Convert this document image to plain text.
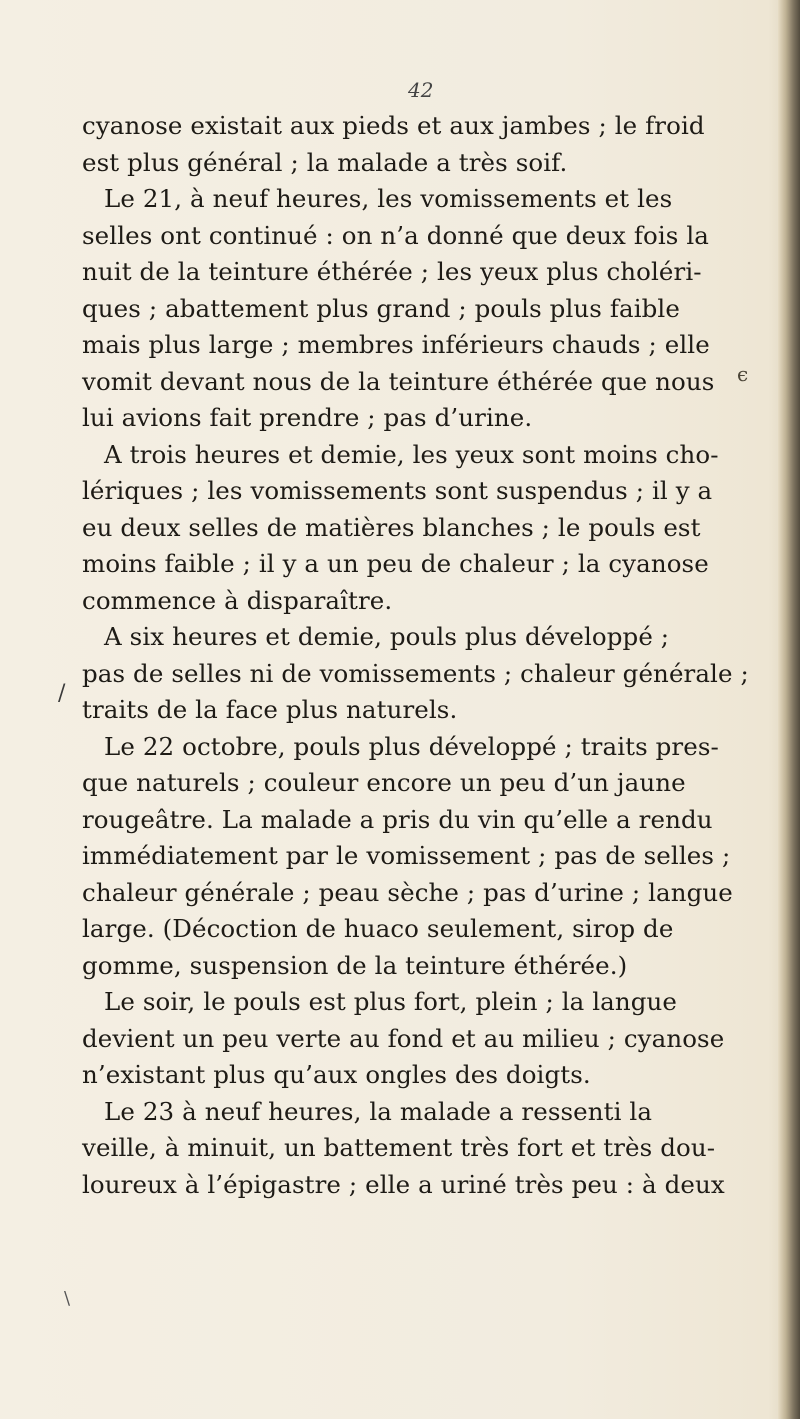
42
cyanose existait aux pieds et aux jambes ; le froid
est plus général ; la malade a très soif.
Le 21, à neuf heures, les vomissements et les
selles ont continué : on n’a donné que deux fois la
nuit de la teinture éthérée ; les yeux plus choléri-
ques ; abattement plus grand ; pouls plus faible
mais plus large ; membres inférieurs chauds ; elle
vomit devant nous de la teinture éthérée que nous
lui avions fait prendre ; pas d’urine.
A trois heures et demie, les yeux sont moins cho-
lériques ; les vomissements sont suspendus ; il y a
eu deux selles de matières blanches ; le pouls est
moins faible ; il y a un peu de chaleur ; la cyanose
commence à disparaître.
A six heures et demie, pouls plus développé ;
pas de selles ni de vomissements ; chaleur générale ;
traits de la face plus naturels.
Le 22 octobre, pouls plus développé ; traits pres-
que naturels ; couleur encore un peu d’un jaune
rougeâtre. La malade a pris du vin qu’elle a rendu
immédiatement par le vomissement ; pas de selles ;
chaleur générale ; peau sèche ; pas d’urine ; langue
large. (Décoction de huaco seulement, sirop de
gomme, suspension de la teinture éthérée.)
Le soir, le pouls est plus fort, plein ; la langue
devient un peu verte au fond et au milieu ; cyanose
n’existant plus qu’aux ongles des doigts.
Le 23 à neuf heures, la malade a ressenti la
veille, à minuit, un battement très fort et très dou-
loureux à l’épigastre ; elle a uriné très peu : à deux
/
\
ϵ
